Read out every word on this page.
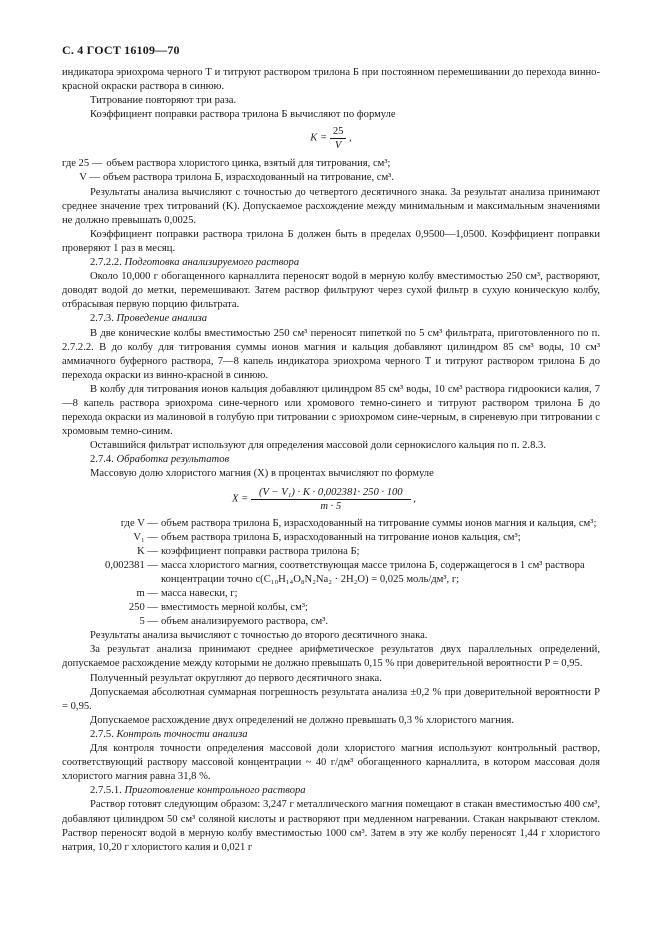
С. 4 ГОСТ 16109—70

индикатора эриохрома черного Т и титруют раствором трилона Б при постоянном перемешивании до перехода винно-красной окраски раствора в синюю.

Титрование повторяют три раза.

Коэффициент поправки раствора трилона Б вычисляют по формуле

$K = \frac{25}{V}$ ,
где 25 — объем раствора хлористого цинка, взятый для титрования, см³;
V — объем раствора трилона Б, израсходованный на титрование, см³.

Результаты анализа вычисляют с точностью до четвертого десятичного знака. За результат анализа принимают среднее значение трех титрований (K). Допускаемое расхождение между минимальным и максимальным значениями не должно превышать 0,0025.

Коэффициент поправки раствора трилона Б должен быть в пределах 0,9500—1,0500. Коэффициент поправки проверяют 1 раз в месяц.

2.7.2.2. Подготовка анализируемого раствора

Около 10,000 г обогащенного карналлита переносят водой в мерную колбу вместимостью 250 см³, растворяют, доводят водой до метки, перемешивают. Затем раствор фильтруют через сухой фильтр в сухую коническую колбу, отбрасывая первую порцию фильтрата.

2.7.3. Проведение анализа

В две конические колбы вместимостью 250 см³ переносят пипеткой по 5 см³ фильтрата, приготовленного по п. 2.7.2.2. В до колбу для титрования суммы ионов магния и кальция добавляют цилиндром 85 см³ воды, 10 см³ аммиачного буферного раствора, 7—8 капель индикатора эриохрома черного Т и титруют раствором трилона Б до перехода окраски из винно-красной в синюю.

В колбу для титрования ионов кальция добавляют цилиндром 85 см³ воды, 10 см³ раствора гидроокиси калия, 7—8 капель раствора эриохрома сине-черного или хромового темно-синего и титруют раствором трилона Б до перехода окраски из малиновой в голубую при титровании с эриохромом сине-черным, в сиреневую при титровании с хромовым темно-синим.

Оставшийся фильтрат используют для определения массовой доли сернокислого кальция по п. 2.8.3.

2.7.4. Обработка результатов

Массовую долю хлористого магния (X) в процентах вычисляют по формуле

$X = \frac{\text{(V − V₁) · K · 0,002381· 250 · 100}}{m \cdot 5}$ ,
где V — объем раствора трилона Б, израсходованный на титрование суммы ионов магния и кальция, см³;
V₁ — объем раствора трилона Б, израсходованный на титрование ионов кальция, см³;
K — коэффициент поправки раствора трилона Б;
0,002381 — масса хлористого магния, соответствующая массе трилона Б, содержащегося в 1 см³ раствора концентрации точно c(C₁₀H₁₄O₈N₂Na₂ · 2H₂O) = 0,025 моль/дм³, г;
m — масса навески, г;
250 — вместимость мерной колбы, см³;
5 — объем анализируемого раствора, см³.

Результаты анализа вычисляют с точностью до второго десятичного знака.

За результат анализа принимают среднее арифметическое результатов двух параллельных определений, допускаемое расхождение между которыми не должно превышать 0,15 % при доверительной вероятности P = 0,95.

Полученный результат округляют до первого десятичного знака.

Допускаемая абсолютная суммарная погрешность результата анализа ±0,2 % при доверительной вероятности P = 0,95.

Допускаемое расхождение двух определений не должно превышать 0,3 % хлористого магния.

2.7.5. Контроль точности анализа

Для контроля точности определения массовой доли хлористого магния используют контрольный раствор, соответствующий раствору массовой концентрации ~ 40 г/дм³ обогащенного карналлита, в котором массовая доля хлористого магния равна 31,8 %.

2.7.5.1. Приготовление контрольного раствора

Раствор готовят следующим образом: 3,247 г металлического магния помещают в стакан вместимостью 400 см³, добавляют цилиндром 50 см³ соляной кислоты и растворяют при медленном нагревании. Стакан накрывают стеклом. Раствор переносят водой в мерную колбу вместимостью 1000 см³. Затем в эту же колбу переносят 1,44 г хлористого натрия, 10,20 г хлористого калия и 0,021 г
